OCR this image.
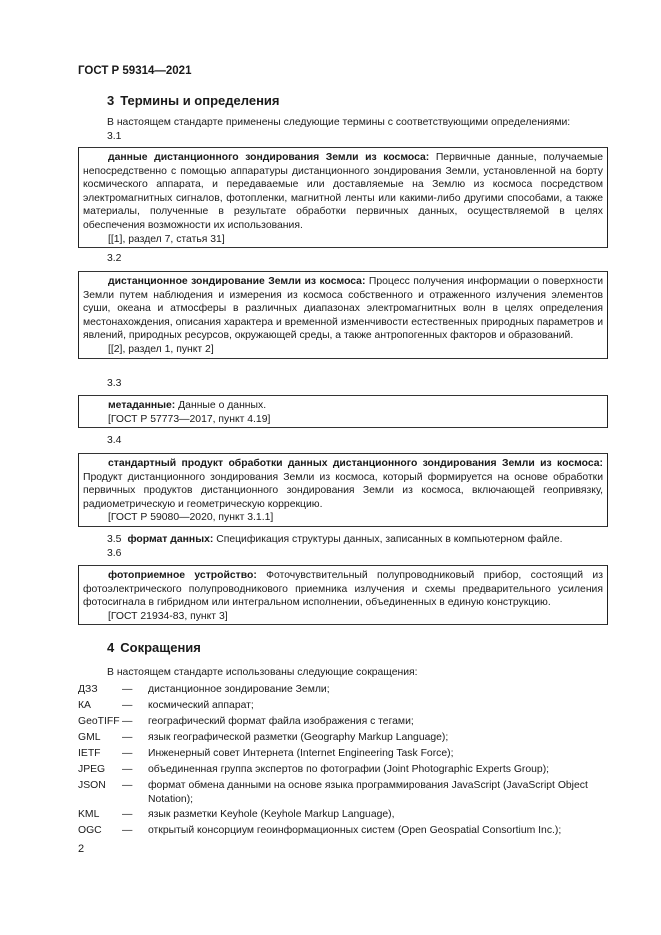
ГОСТ Р 59314—2021
3 Термины и определения
В настоящем стандарте применены следующие термины с соответствующими определениями:
3.1

данные дистанционного зондирования Земли из космоса: Первичные данные, получаемые непосредственно с помощью аппаратуры дистанционного зондирования Земли, установленной на борту космического аппарата, и передаваемые или доставляемые на Землю из космоса посредством электромагнитных сигналов, фотопленки, магнитной ленты или какими-либо другими способами, а также материалы, полученные в результате обработки первичных данных, осуществляемой в целях обеспечения возможности их использования.

[[1], раздел 7, статья 31]

3.2

дистанционное зондирование Земли из космоса: Процесс получения информации о поверхности Земли путем наблюдения и измерения из космоса собственного и отраженного излучения элементов суши, океана и атмосферы в различных диапазонах электромагнитных волн в целях определения местонахождения, описания характера и временной изменчивости естественных природных параметров и явлений, природных ресурсов, окружающей среды, а также антропогенных факторов и образований.

[[2], раздел 1, пункт 2]

3.3

метаданные: Данные о данных.

[ГОСТ Р 57773—2017, пункт 4.19]

3.4

стандартный продукт обработки данных дистанционного зондирования Земли из космоса: Продукт дистанционного зондирования Земли из космоса, который формируется на основе обработки первичных продуктов дистанционного зондирования Земли из космоса, включающей геопривязку, радиометрическую и геометрическую коррекцию.

[ГОСТ Р 59080—2020, пункт 3.1.1]

3.5 формат данных: Спецификация структуры данных, записанных в компьютерном файле.
3.6

фотоприемное устройство: Фоточувствительный полупроводниковый прибор, состоящий из фотоэлектрического полупроводникового приемника излучения и схемы предварительного усиления фотосигнала в гибридном или интегральном исполнении, объединенных в единую конструкцию.

[ГОСТ 21934-83, пункт 3]

4 Сокращения
В настоящем стандарте использованы следующие сокращения:
ДЗЗ — дистанционное зондирование Земли;
КА	— космический аппарат;
GeoTIFF — географический формат файла изображения с тегами;
GML — язык географической разметки (Geography Markup Language);
IETF — Инженерный совет Интернета (Internet Engineering Task Force);
JPEG — объединенная группа экспертов по фотографии (Joint Photographic Experts Group);
JSON — формат обмена данными на основе языка программирования JavaScript (JavaScript Object Notation);
KML — язык разметки Keyhole (Keyhole Markup Language),
OGC — открытый консорциум геоинформационных систем (Open Geospatial Consortium Inc.);
2
